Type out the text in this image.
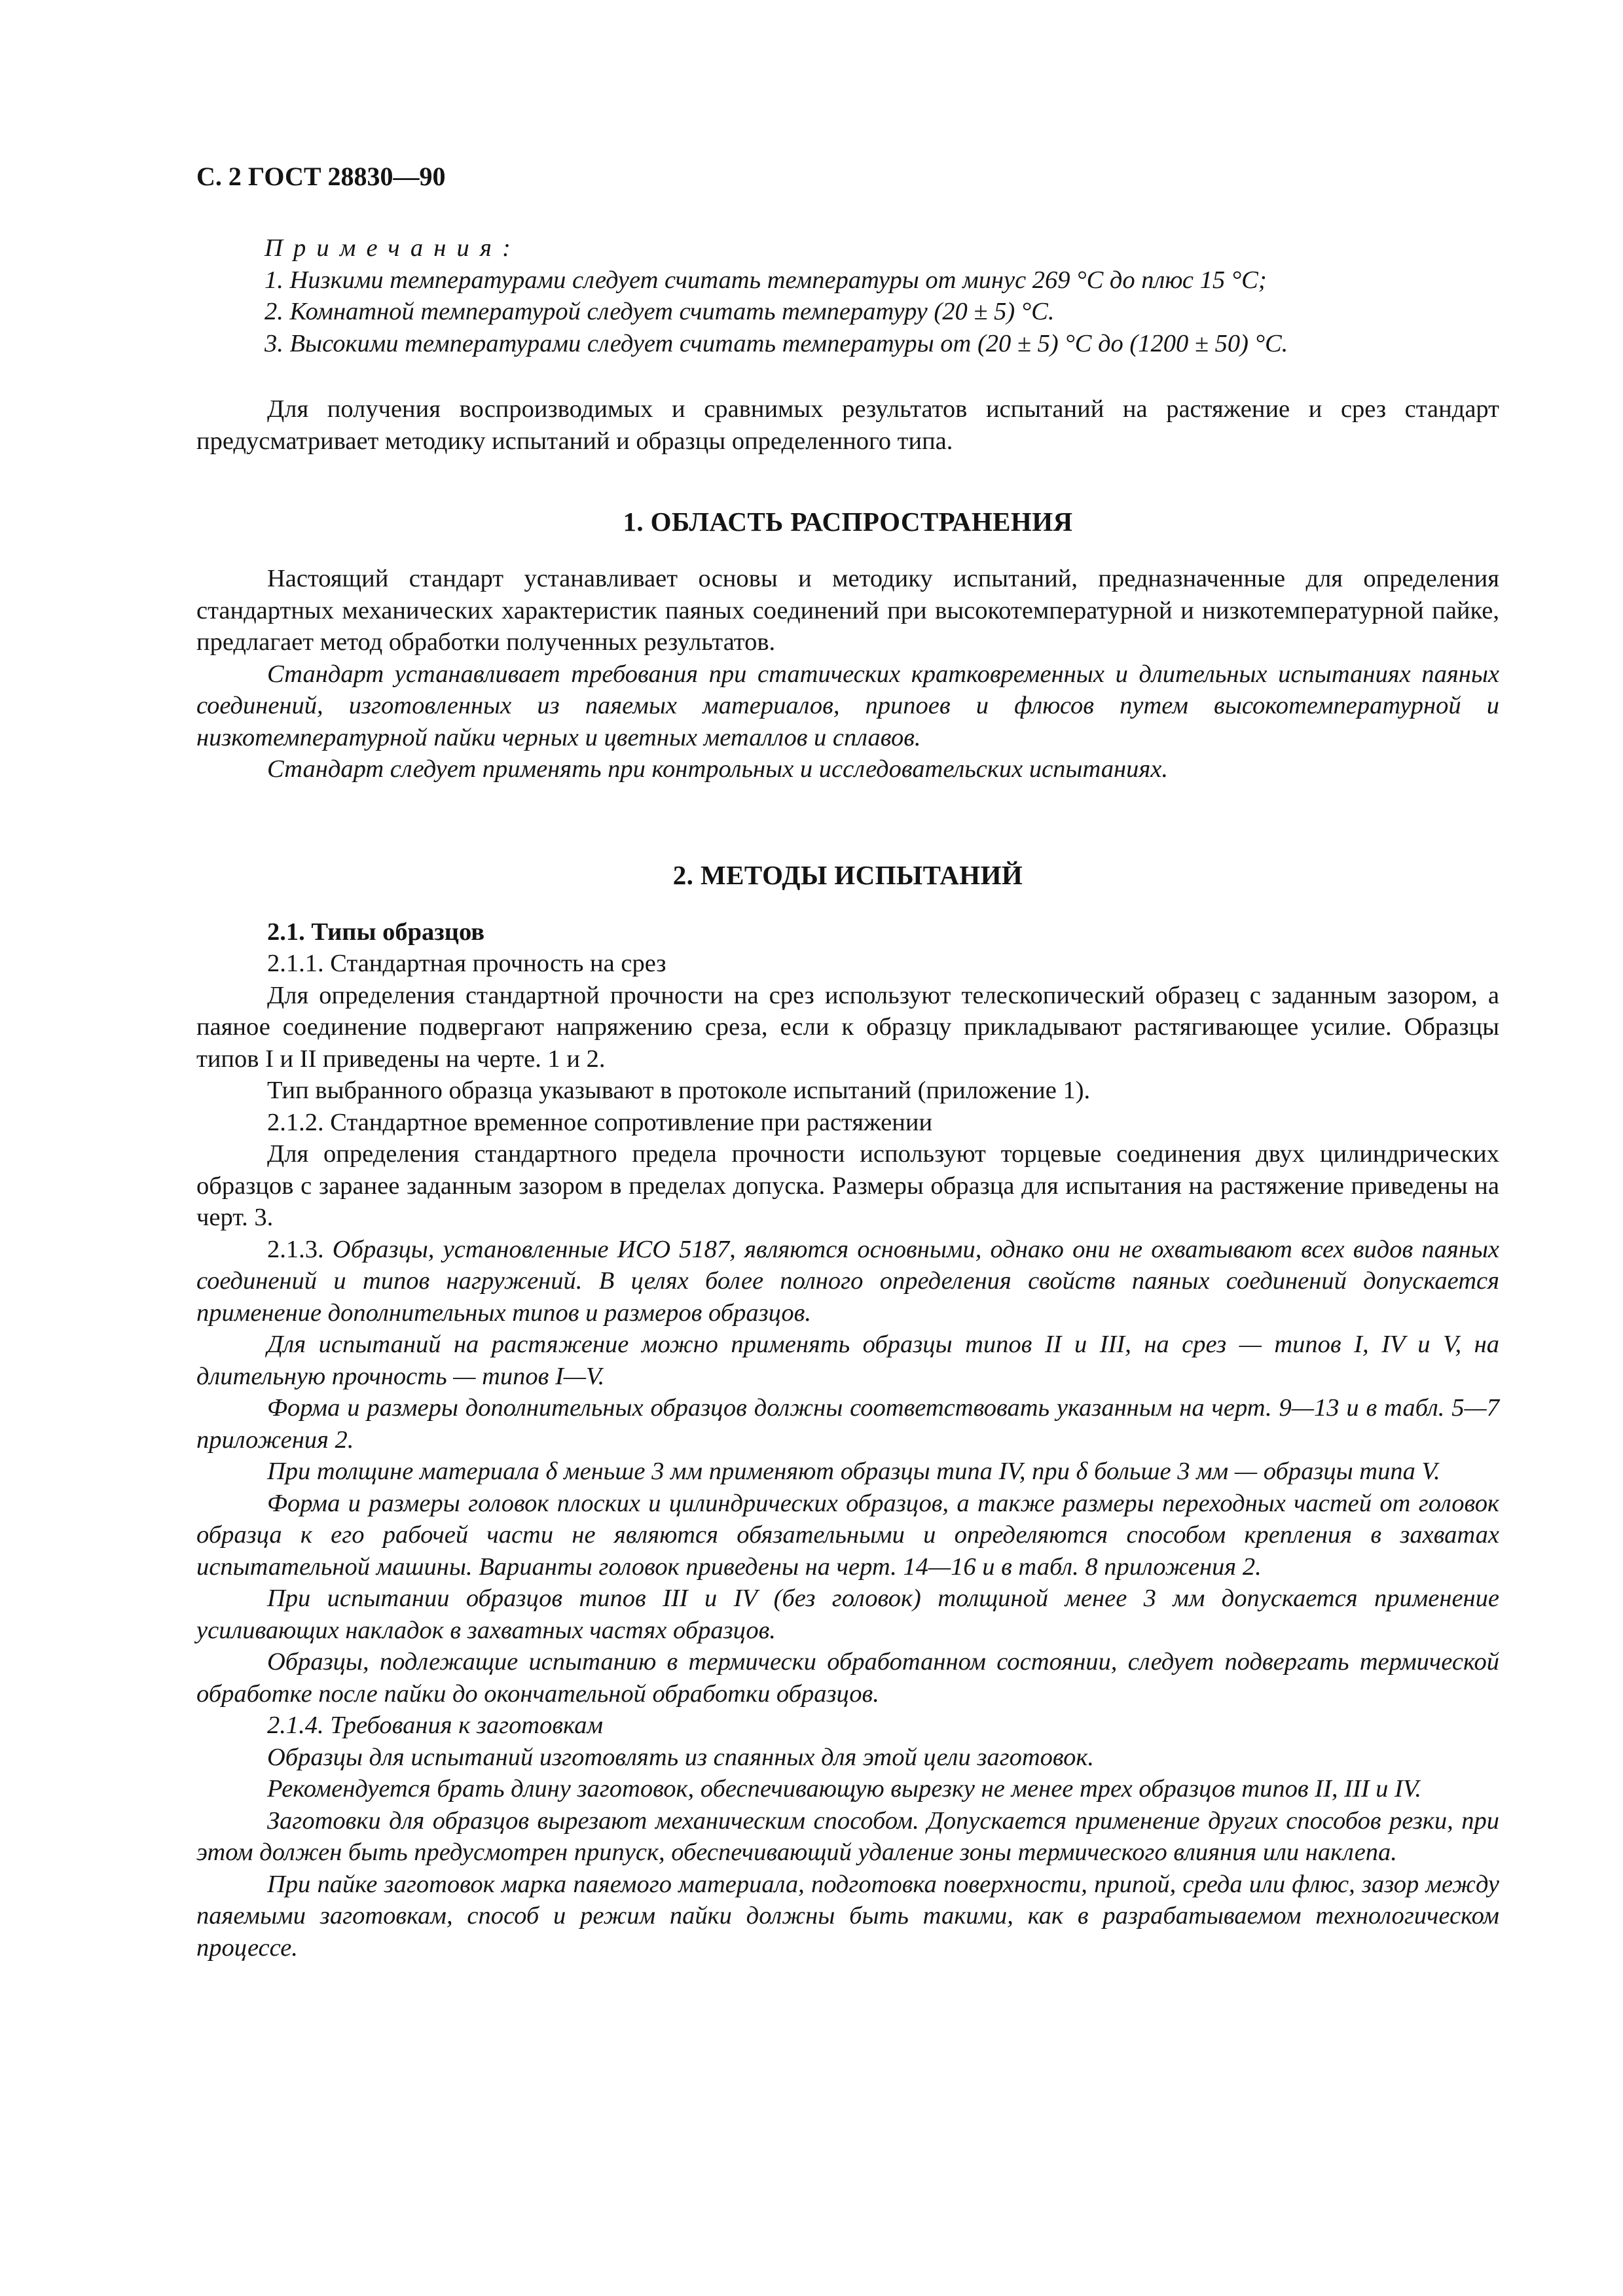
С. 2 ГОСТ 28830—90

Примечания:

1. Низкими температурами следует считать температуры от минус 269 °С до плюс 15 °С;

2. Комнатной температурой следует считать температуру (20 ± 5) °С.

3. Высокими температурами следует считать температуры от (20 ± 5) °С до (1200 ± 50) °С.

Для получения воспроизводимых и сравнимых результатов испытаний на растяжение и срез стандарт предусматривает методику испытаний и образцы определенного типа.

1. ОБЛАСТЬ РАСПРОСТРАНЕНИЯ

Настоящий стандарт устанавливает основы и методику испытаний, предназначенные для определения стандартных механических характеристик паяных соединений при высокотемпературной и низкотемпературной пайке, предлагает метод обработки полученных результатов.

Стандарт устанавливает требования при статических кратковременных и длительных испытаниях паяных соединений, изготовленных из паяемых материалов, припоев и флюсов путем высокотемпературной и низкотемпературной пайки черных и цветных металлов и сплавов.

Стандарт следует применять при контрольных и исследовательских испытаниях.

2. МЕТОДЫ ИСПЫТАНИЙ

2.1. Типы образцов

2.1.1. Стандартная прочность на срез

Для определения стандартной прочности на срез используют телескопический образец с заданным зазором, а паяное соединение подвергают напряжению среза, если к образцу прикладывают растягивающее усилие. Образцы типов I и II приведены на черте. 1 и 2.

Тип выбранного образца указывают в протоколе испытаний (приложение 1).

2.1.2. Стандартное временное сопротивление при растяжении

Для определения стандартного предела прочности используют торцевые соединения двух цилиндрических образцов с заранее заданным зазором в пределах допуска. Размеры образца для испытания на растяжение приведены на черт. 3.

2.1.3. Образцы, установленные ИСО 5187, являются основными, однако они не охватывают всех видов паяных соединений и типов нагружений. В целях более полного определения свойств паяных соединений допускается применение дополнительных типов и размеров образцов.

Для испытаний на растяжение можно применять образцы типов II и III, на срез — типов I, IV и V, на длительную прочность — типов I—V.

Форма и размеры дополнительных образцов должны соответствовать указанным на черт. 9—13 и в табл. 5—7 приложения 2.

При толщине материала δ меньше 3 мм применяют образцы типа IV, при δ больше 3 мм — образцы типа V.

Форма и размеры головок плоских и цилиндрических образцов, а также размеры переходных частей от головок образца к его рабочей части не являются обязательными и определяются способом крепления в захватах испытательной машины. Варианты головок приведены на черт. 14—16 и в табл. 8 приложения 2.

При испытании образцов типов III и IV (без головок) толщиной менее 3 мм допускается применение усиливающих накладок в захватных частях образцов.

Образцы, подлежащие испытанию в термически обработанном состоянии, следует подвергать термической обработке после пайки до окончательной обработки образцов.

2.1.4. Требования к заготовкам

Образцы для испытаний изготовлять из спаянных для этой цели заготовок.

Рекомендуется брать длину заготовок, обеспечивающую вырезку не менее трех образцов типов II, III и IV.

Заготовки для образцов вырезают механическим способом. Допускается применение других способов резки, при этом должен быть предусмотрен припуск, обеспечивающий удаление зоны термического влияния или наклепа.

При пайке заготовок марка паяемого материала, подготовка поверхности, припой, среда или флюс, зазор между паяемыми заготовкам, способ и режим пайки должны быть такими, как в разрабатываемом технологическом процессе.
